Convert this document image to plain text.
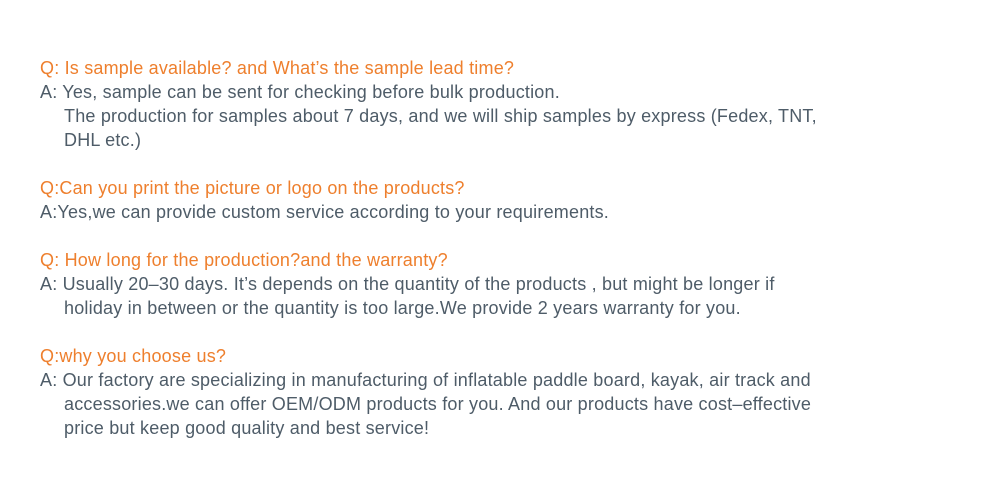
Q: Is sample available? and What’s the sample lead time?
A: Yes, sample can be sent for checking before bulk production.
The production for samples about 7 days, and we will ship samples by express (Fedex, TNT,
DHL etc.)
Q:Can you print the picture or logo on the products?
A:Yes,we can provide custom service according to your requirements.
Q: How long for the production?and the warranty?
A: Usually 20–30 days. It’s depends on the quantity of the products , but might be longer if
holiday in between or the quantity is too large.We provide 2 years warranty for you.
Q:why you choose us?
A: Our factory are specializing in manufacturing of inflatable paddle board, kayak, air track and
accessories.we can offer OEM/ODM products for you. And our products have cost–effective
price but keep good quality and best service!
